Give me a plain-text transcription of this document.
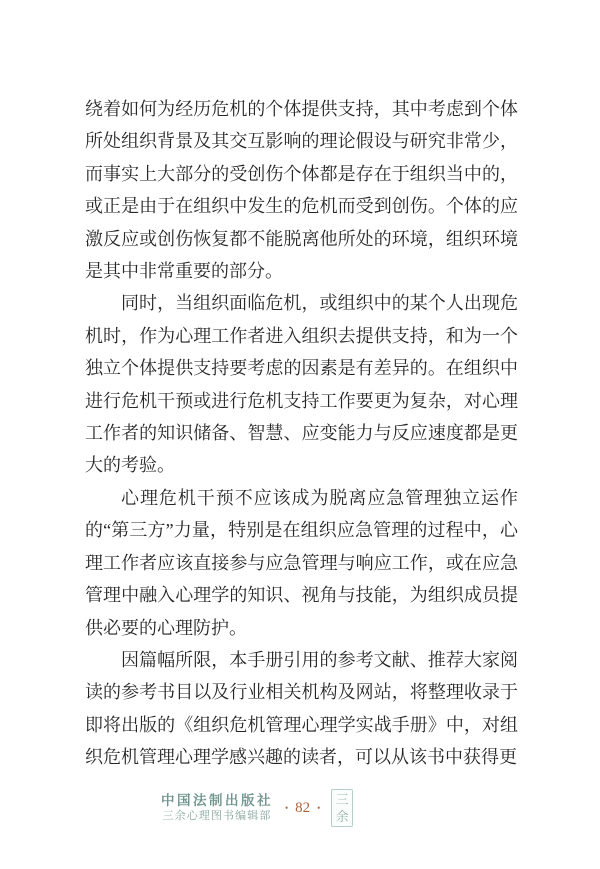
绕着如何为经历危机的个体提供支持，其中考虑到个体所处组织背景及其交互影响的理论假设与研究非常少，而事实上大部分的受创伤个体都是存在于组织当中的，或正是由于在组织中发生的危机而受到创伤。个体的应激反应或创伤恢复都不能脱离他所处的环境，组织环境是其中非常重要的部分。

同时，当组织面临危机，或组织中的某个人出现危机时，作为心理工作者进入组织去提供支持，和为一个独立个体提供支持要考虑的因素是有差异的。在组织中进行危机干预或进行危机支持工作要更为复杂，对心理工作者的知识储备、智慧、应变能力与反应速度都是更大的考验。

心理危机干预不应该成为脱离应急管理独立运作的“第三方”力量，特别是在组织应急管理的过程中，心理工作者应该直接参与应急管理与响应工作，或在应急管理中融入心理学的知识、视角与技能，为组织成员提供必要的心理防护。

因篇幅所限，本手册引用的参考文献、推荐大家阅读的参考书目以及行业相关机构及网站，将整理收录于即将出版的《组织危机管理心理学实战手册》中，对组织危机管理心理学感兴趣的读者，可以从该书中获得更

中国法制出版社
三余心理图书编辑部
• 82 •
三
余
